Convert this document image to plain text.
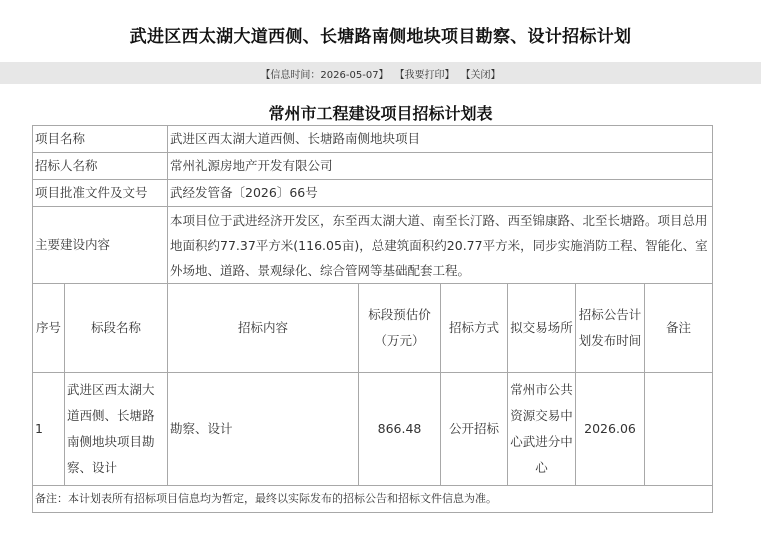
武进区西太湖大道西侧、长塘路南侧地块项目勘察、设计招标计划
【信息时间：2026-05-07】 【我要打印】 【关闭】
常州市工程建设项目招标计划表
项目名称		武进区西太湖大道西侧、长塘路南侧地块项目					
招标人名称		常州礼源房地产开发有限公司					
项目批准文件及文号		武经发管备〔2026〕66号					
主要建设内容		本项目位于武进经济开发区，东至西太湖大道、南至长汀路、西至锦康路、北至长塘路。项目总用地面积约77.37平方米(116.05亩)，总建筑面积约20.77平方米，同步实施消防工程、智能化、室外场地、道路、景观绿化、综合管网等基础配套工程。					
序号	标段名称	招标内容	标段预估价（万元）	招标方式	拟交易场所	招标公告计划发布时间	备注
1	武进区西太湖大道西侧、长塘路南侧地块项目勘察、设计	勘察、设计	866.48	公开招标	常州市公共资源交易中心武进分中心	2026.06	
备注：本计划表所有招标项目信息均为暂定，最终以实际发布的招标公告和招标文件信息为准。							
